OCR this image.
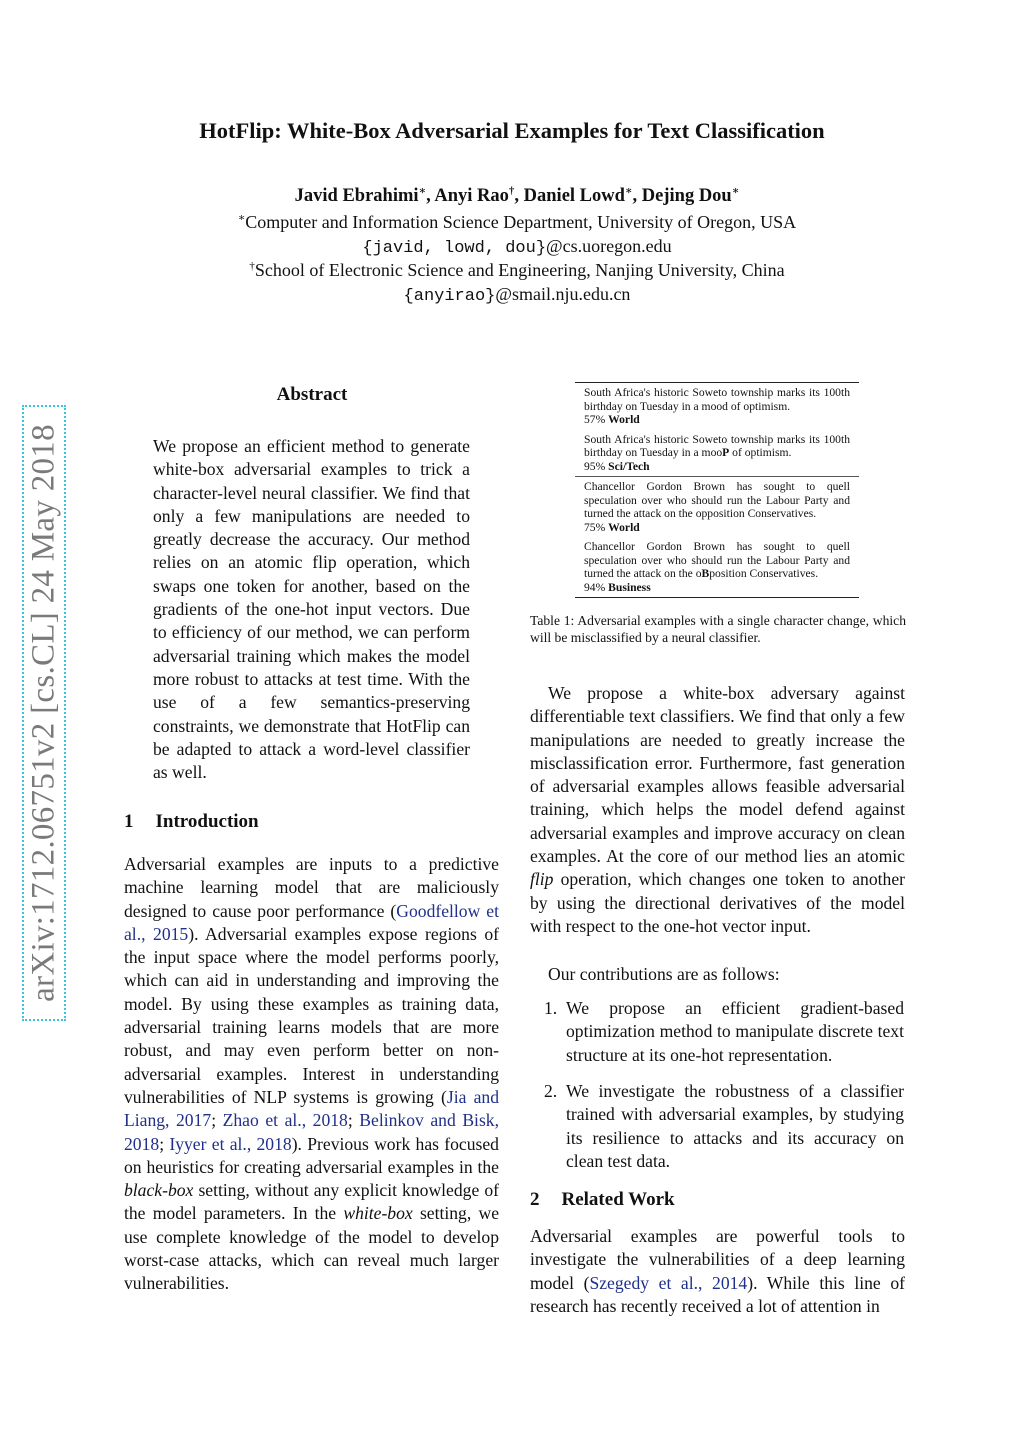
HotFlip: White-Box Adversarial Examples for Text Classification
Javid Ebrahimi∗, Anyi Rao†, Daniel Lowd∗, Dejing Dou∗
∗Computer and Information Science Department, University of Oregon, USA
{javid, lowd, dou}@cs.uoregon.edu
†School of Electronic Science and Engineering, Nanjing University, China
{anyirao}@smail.nju.edu.cn
arXiv:1712.06751v2 [cs.CL] 24 May 2018
Abstract

We propose an efficient method to generate white-box adversarial examples to trick a character-level neural classifier. We find that only a few manipulations are needed to greatly decrease the accuracy. Our method relies on an atomic flip operation, which swaps one token for another, based on the gradients of the one-hot input vectors. Due to efficiency of our method, we can perform adversarial training which makes the model more robust to attacks at test time. With the use of a few semantics-preserving constraints, we demonstrate that HotFlip can be adapted to attack a word-level classifier as well.

1 Introduction

Adversarial examples are inputs to a predictive machine learning model that are maliciously designed to cause poor performance (Goodfellow et al., 2015). Adversarial examples expose regions of the input space where the model performs poorly, which can aid in understanding and improving the model. By using these examples as training data, adversarial training learns models that are more robust, and may even perform better on non-adversarial examples. Interest in understanding vulnerabilities of NLP systems is growing (Jia and Liang, 2017; Zhao et al., 2018; Belinkov and Bisk, 2018; Iyyer et al., 2018). Previous work has focused on heuristics for creating adversarial examples in the black-box setting, without any explicit knowledge of the model parameters. In the white-box setting, we use complete knowledge of the model to develop worst-case attacks, which can reveal much larger vulnerabilities.

South Africa's historic Soweto township marks its 100th birthday on Tuesday in a mood of optimism.
57% World
South Africa's historic Soweto township marks its 100th birthday on Tuesday in a mooP of optimism.
95% Sci/Tech
Chancellor Gordon Brown has sought to quell speculation over who should run the Labour Party and turned the attack on the opposition Conservatives.
75% World
Chancellor Gordon Brown has sought to quell speculation over who should run the Labour Party and turned the attack on the oBposition Conservatives.
94% Business
Table 1: Adversarial examples with a single character change, which will be misclassified by a neural classifier.

We propose a white-box adversary against differentiable text classifiers. We find that only a few manipulations are needed to greatly increase the misclassification error. Furthermore, fast generation of adversarial examples allows feasible adversarial training, which helps the model defend against adversarial examples and improve accuracy on clean examples. At the core of our method lies an atomic flip operation, which changes one token to another by using the directional derivatives of the model with respect to the one-hot vector input.

Our contributions are as follows:

1. We propose an efficient gradient-based optimization method to manipulate discrete text structure at its one-hot representation.
2. We investigate the robustness of a classifier trained with adversarial examples, by studying its resilience to attacks and its accuracy on clean test data.
2 Related Work

Adversarial examples are powerful tools to investigate the vulnerabilities of a deep learning model (Szegedy et al., 2014). While this line of research has recently received a lot of attention in
